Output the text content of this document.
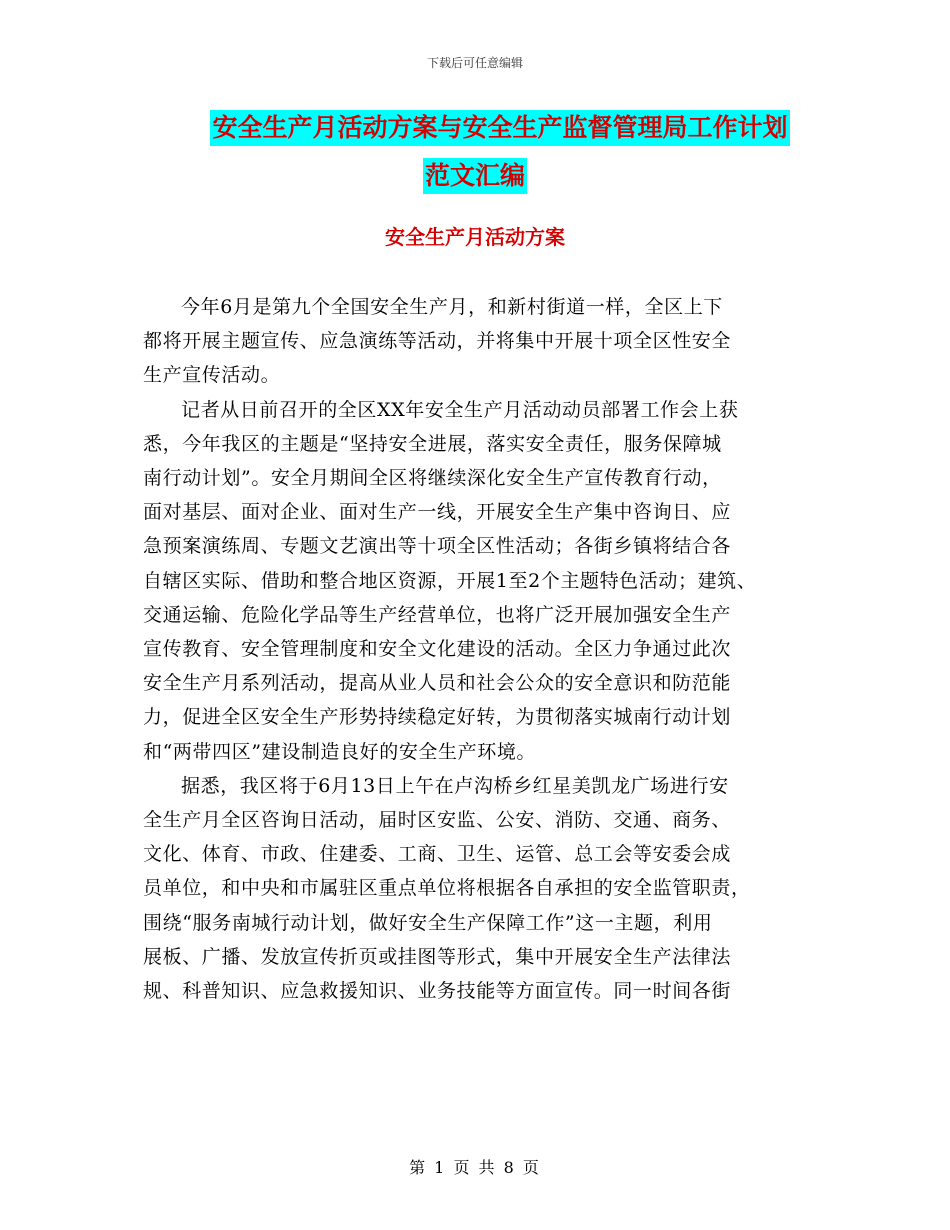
下载后可任意编辑
安全生产月活动方案与安全生产监督管理局工作计划
范文汇编
安全生产月活动方案

今年6月是第九个全国安全生产月，和新村街道一样，全区上下
都将开展主题宣传、应急演练等活动，并将集中开展十项全区性安全
生产宣传活动。

记者从日前召开的全区XX年安全生产月活动动员部署工作会上获
悉，今年我区的主题是“坚持安全进展，落实安全责任，服务保障城
南行动计划”。安全月期间全区将继续深化安全生产宣传教育行动，
面对基层、面对企业、面对生产一线，开展安全生产集中咨询日、应
急预案演练周、专题文艺演出等十项全区性活动；各街乡镇将结合各
自辖区实际、借助和整合地区资源，开展1至2个主题特色活动；建筑、
交通运输、危险化学品等生产经营单位，也将广泛开展加强安全生产
宣传教育、安全管理制度和安全文化建设的活动。全区力争通过此次
安全生产月系列活动，提高从业人员和社会公众的安全意识和防范能
力，促进全区安全生产形势持续稳定好转，为贯彻落实城南行动计划
和“两带四区”建设制造良好的安全生产环境。

据悉，我区将于6月13日上午在卢沟桥乡红星美凯龙广场进行安
全生产月全区咨询日活动，届时区安监、公安、消防、交通、商务、
文化、体育、市政、住建委、工商、卫生、运管、总工会等安委会成
员单位，和中央和市属驻区重点单位将根据各自承担的安全监管职责，
围绕“服务南城行动计划，做好安全生产保障工作”这一主题，利用
展板、广播、发放宣传折页或挂图等形式，集中开展安全生产法律法
规、科普知识、应急救援知识、业务技能等方面宣传。同一时间各街

第 1 页 共 8 页
